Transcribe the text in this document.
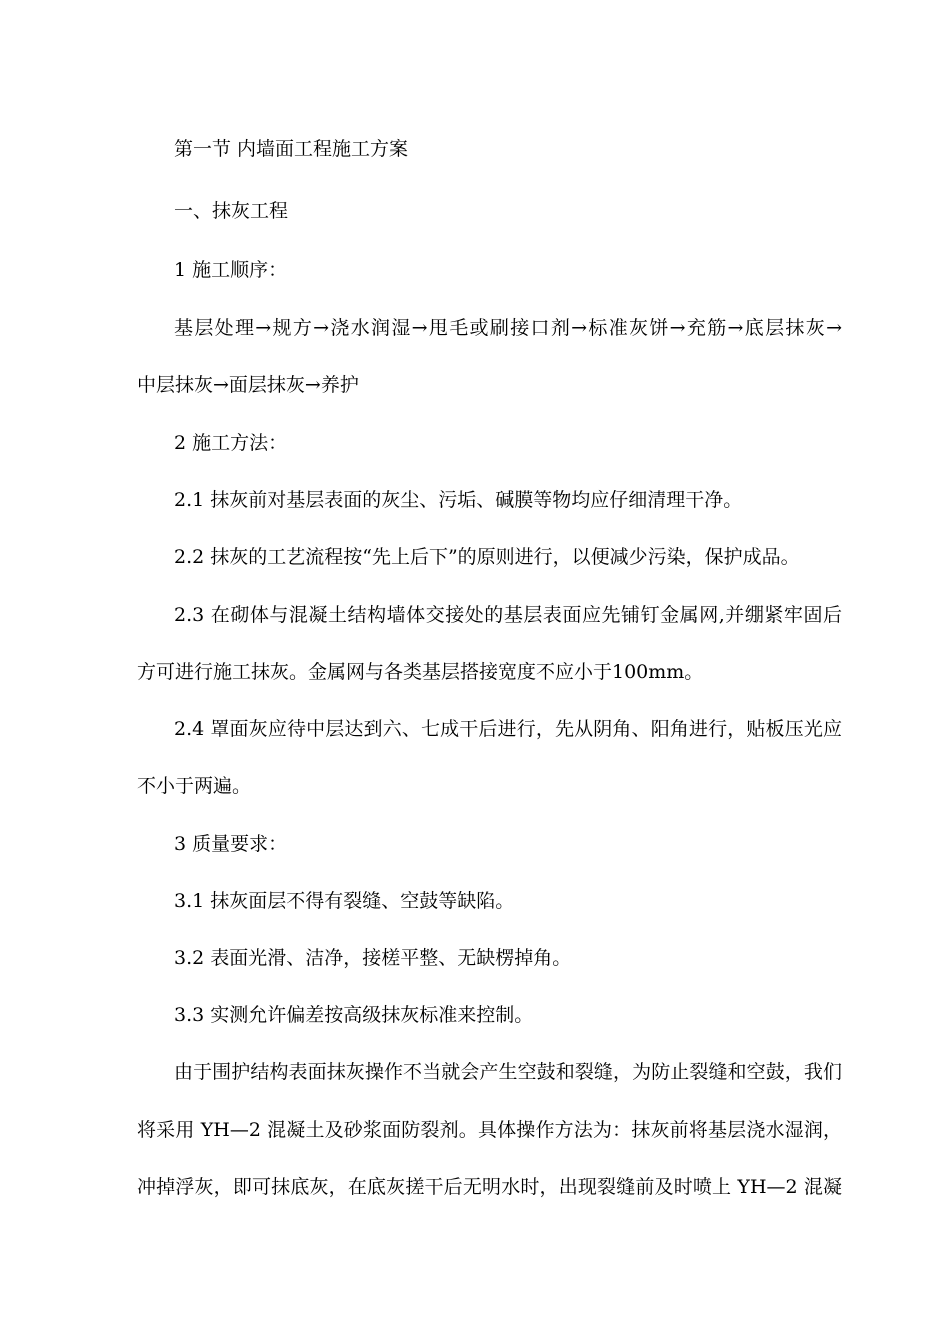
第一节 内墙面工程施工方案
一、抹灰工程
1 施工顺序：
基层处理→规方→浇水润湿→甩毛或刷接口剂→标准灰饼→充筋→底层抹灰→
中层抹灰→面层抹灰→养护
2 施工方法：
2.1 抹灰前对基层表面的灰尘、污垢、碱膜等物均应仔细清理干净。
2.2 抹灰的工艺流程按“先上后下”的原则进行，以便减少污染，保护成品。
2.3 在砌体与混凝土结构墙体交接处的基层表面应先铺钉金属网,并绷紧牢固后
方可进行施工抹灰。金属网与各类基层搭接宽度不应小于100mm。
2.4 罩面灰应待中层达到六、七成干后进行，先从阴角、阳角进行，贴板压光应
不小于两遍。
3 质量要求：
3.1 抹灰面层不得有裂缝、空鼓等缺陷。
3.2 表面光滑、洁净，接槎平整、无缺楞掉角。
3.3 实测允许偏差按高级抹灰标准来控制。
由于围护结构表面抹灰操作不当就会产生空鼓和裂缝，为防止裂缝和空鼓，我们
将采用 YH—2 混凝土及砂浆面防裂剂。具体操作方法为：抹灰前将基层浇水湿润，
冲掉浮灰，即可抹底灰，在底灰搓干后无明水时，出现裂缝前及时喷上 YH—2 混凝
